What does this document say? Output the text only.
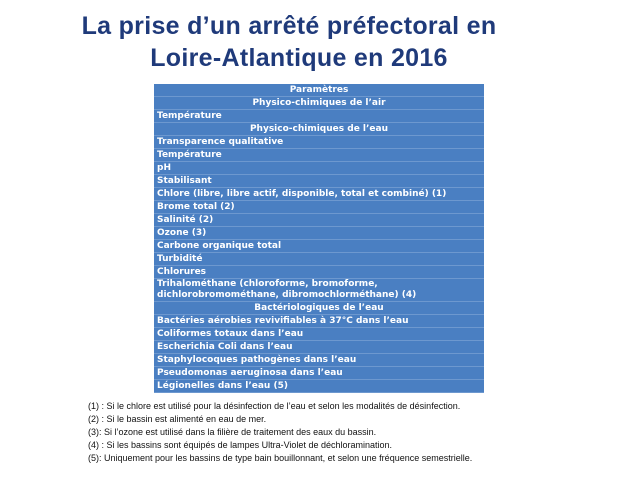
La prise d’un arrêté préfectoral en
Loire-Atlantique en 2016
Paramètres
Physico-chimiques de l’air
Température
Physico-chimiques de l’eau
Transparence qualitative
Température
pH
Stabilisant
Chlore (libre, libre actif, disponible, total et combiné) (1)
Brome total (2)
Salinité (2)
Ozone (3)
Carbone organique total
Turbidité
Chlorures
Trihalométhane (chloroforme, bromoforme, dichlorobromométhane, dibromochlorméthane) (4)
Bactériologiques de l’eau
Bactéries aérobies revivifiables à 37°C dans l’eau
Coliformes totaux dans l’eau
Escherichia Coli dans l’eau
Staphylocoques pathogènes dans l’eau
Pseudomonas aeruginosa dans l’eau
Légionelles dans l’eau (5)
(1) : Si le chlore est utilisé pour la désinfection de l’eau et selon les modalités de désinfection.
(2) : Si le bassin est alimenté en eau de mer.
(3): Si l’ozone est utilisé dans la filière de traitement des eaux du bassin.
(4) : Si les bassins sont équipés de lampes Ultra-Violet de déchloramination.
(5): Uniquement pour les bassins de type bain bouillonnant, et selon une fréquence semestrielle.
